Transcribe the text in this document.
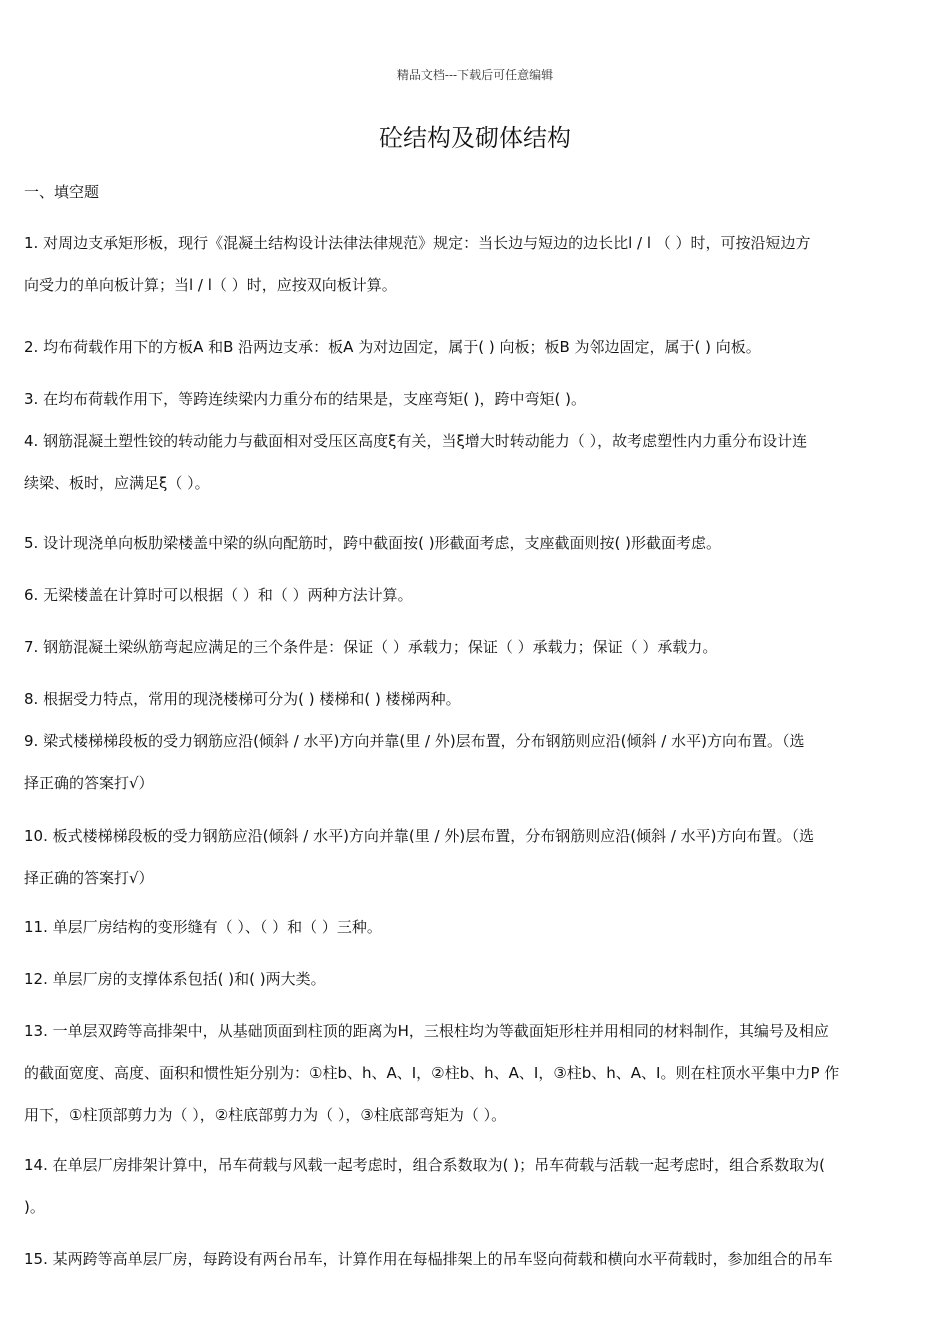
精品文档---下载后可任意编辑
砼结构及砌体结构
一、填空题
1. 对周边支承矩形板，现行《混凝土结构设计法律法律规范》规定：当长边与短边的边长比l / l （ ）时，可按沿短边方
向受力的单向板计算；当l / l（ ）时，应按双向板计算。
2. 均布荷载作用下的方板A 和B 沿两边支承：板A 为对边固定，属于( ) 向板；板B 为邻边固定，属于( ) 向板。
3. 在均布荷载作用下，等跨连续梁内力重分布的结果是，支座弯矩( )，跨中弯矩( )。
4. 钢筋混凝土塑性铰的转动能力与截面相对受压区高度ξ有关，当ξ增大时转动能力（ ），故考虑塑性内力重分布设计连
续梁、板时，应满足ξ（ ）。
5. 设计现浇单向板肋梁楼盖中梁的纵向配筋时，跨中截面按( )形截面考虑，支座截面则按( )形截面考虑。
6. 无梁楼盖在计算时可以根据（ ）和（ ）两种方法计算。
7. 钢筋混凝土梁纵筋弯起应满足的三个条件是：保证（ ）承载力；保证（ ）承载力；保证（ ）承载力。
8. 根据受力特点，常用的现浇楼梯可分为( ) 楼梯和( ) 楼梯两种。
9. 梁式楼梯梯段板的受力钢筋应沿(倾斜 / 水平)方向并靠(里 / 外)层布置，分布钢筋则应沿(倾斜 / 水平)方向布置。（选
择正确的答案打√）
10. 板式楼梯梯段板的受力钢筋应沿(倾斜 / 水平)方向并靠(里 / 外)层布置，分布钢筋则应沿(倾斜 / 水平)方向布置。（选
择正确的答案打√）
11. 单层厂房结构的变形缝有（ ）、（ ）和（ ）三种。
12. 单层厂房的支撑体系包括( )和( )两大类。
13. 一单层双跨等高排架中，从基础顶面到柱顶的距离为H，三根柱均为等截面矩形柱并用相同的材料制作，其编号及相应
的截面宽度、高度、面积和惯性矩分别为：①柱b、h、A、I，②柱b、h、A、I，③柱b、h、A、I。则在柱顶水平集中力P 作
用下，①柱顶部剪力为（ ），②柱底部剪力为（ ），③柱底部弯矩为（ ）。
14. 在单层厂房排架计算中，吊车荷载与风载一起考虑时，组合系数取为( )；吊车荷载与活载一起考虑时，组合系数取为(
)。
15. 某两跨等高单层厂房，每跨设有两台吊车，计算作用在每榀排架上的吊车竖向荷载和横向水平荷载时，参加组合的吊车
